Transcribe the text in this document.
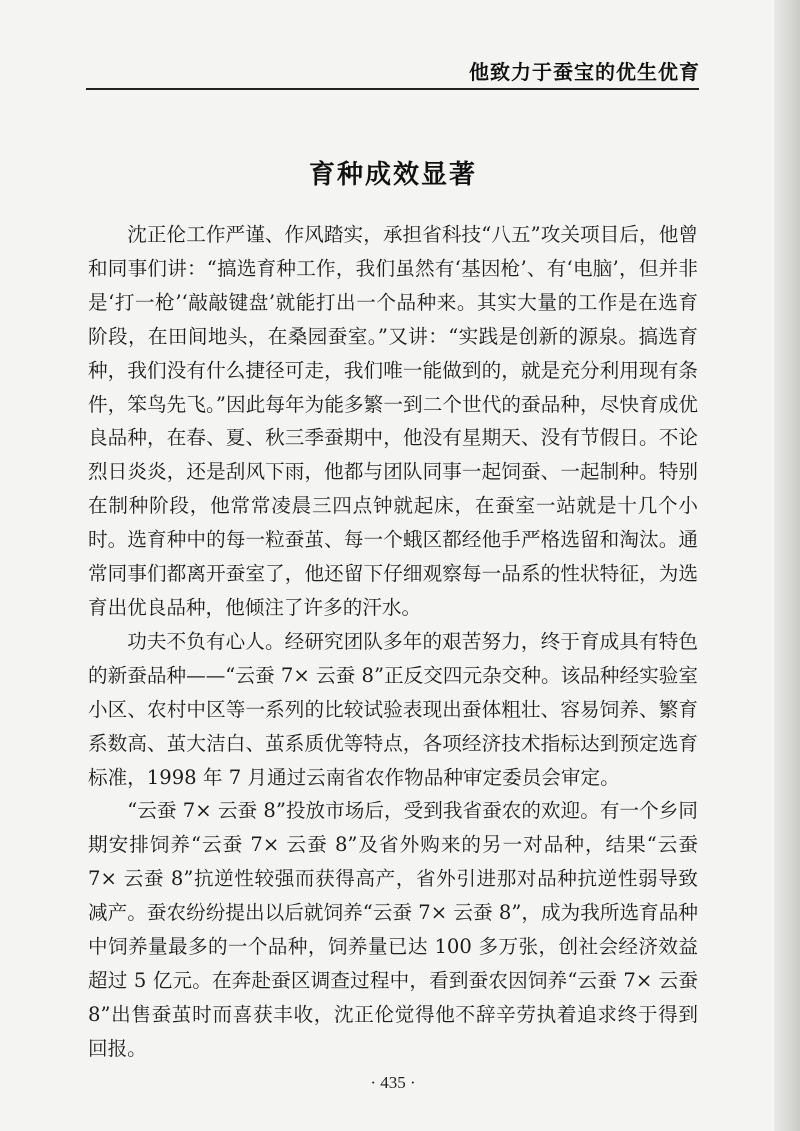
他致力于蚕宝的优生优育
育种成效显著

沈正伦工作严谨、作风踏实，承担省科技“八五”攻关项目后，他曾和同事们讲：“搞选育种工作，我们虽然有‘基因枪’、有‘电脑’，但并非是‘打一枪’‘敲敲键盘’就能打出一个品种来。其实大量的工作是在选育阶段，在田间地头，在桑园蚕室。”又讲：“实践是创新的源泉。搞选育种，我们没有什么捷径可走，我们唯一能做到的，就是充分利用现有条件，笨鸟先飞。”因此每年为能多繁一到二个世代的蚕品种，尽快育成优良品种，在春、夏、秋三季蚕期中，他没有星期天、没有节假日。不论烈日炎炎，还是刮风下雨，他都与团队同事一起饲蚕、一起制种。特别在制种阶段，他常常凌晨三四点钟就起床，在蚕室一站就是十几个小时。选育种中的每一粒蚕茧、每一个蛾区都经他手严格选留和淘汰。通常同事们都离开蚕室了，他还留下仔细观察每一品系的性状特征，为选育出优良品种，他倾注了许多的汗水。

功夫不负有心人。经研究团队多年的艰苦努力，终于育成具有特色的新蚕品种——“云蚕 7× 云蚕 8”正反交四元杂交种。该品种经实验室小区、农村中区等一系列的比较试验表现出蚕体粗壮、容易饲养、繁育系数高、茧大洁白、茧系质优等特点，各项经济技术指标达到预定选育标准，1998 年 7 月通过云南省农作物品种审定委员会审定。

“云蚕 7× 云蚕 8”投放市场后，受到我省蚕农的欢迎。有一个乡同期安排饲养“云蚕 7× 云蚕 8”及省外购来的另一对品种，结果“云蚕 7× 云蚕 8”抗逆性较强而获得高产，省外引进那对品种抗逆性弱导致减产。蚕农纷纷提出以后就饲养“云蚕 7× 云蚕 8”，成为我所选育品种中饲养量最多的一个品种，饲养量已达 100 多万张，创社会经济效益超过 5 亿元。在奔赴蚕区调查过程中，看到蚕农因饲养“云蚕 7× 云蚕 8”出售蚕茧时而喜获丰收，沈正伦觉得他不辞辛劳执着追求终于得到回报。

· 435 ·
